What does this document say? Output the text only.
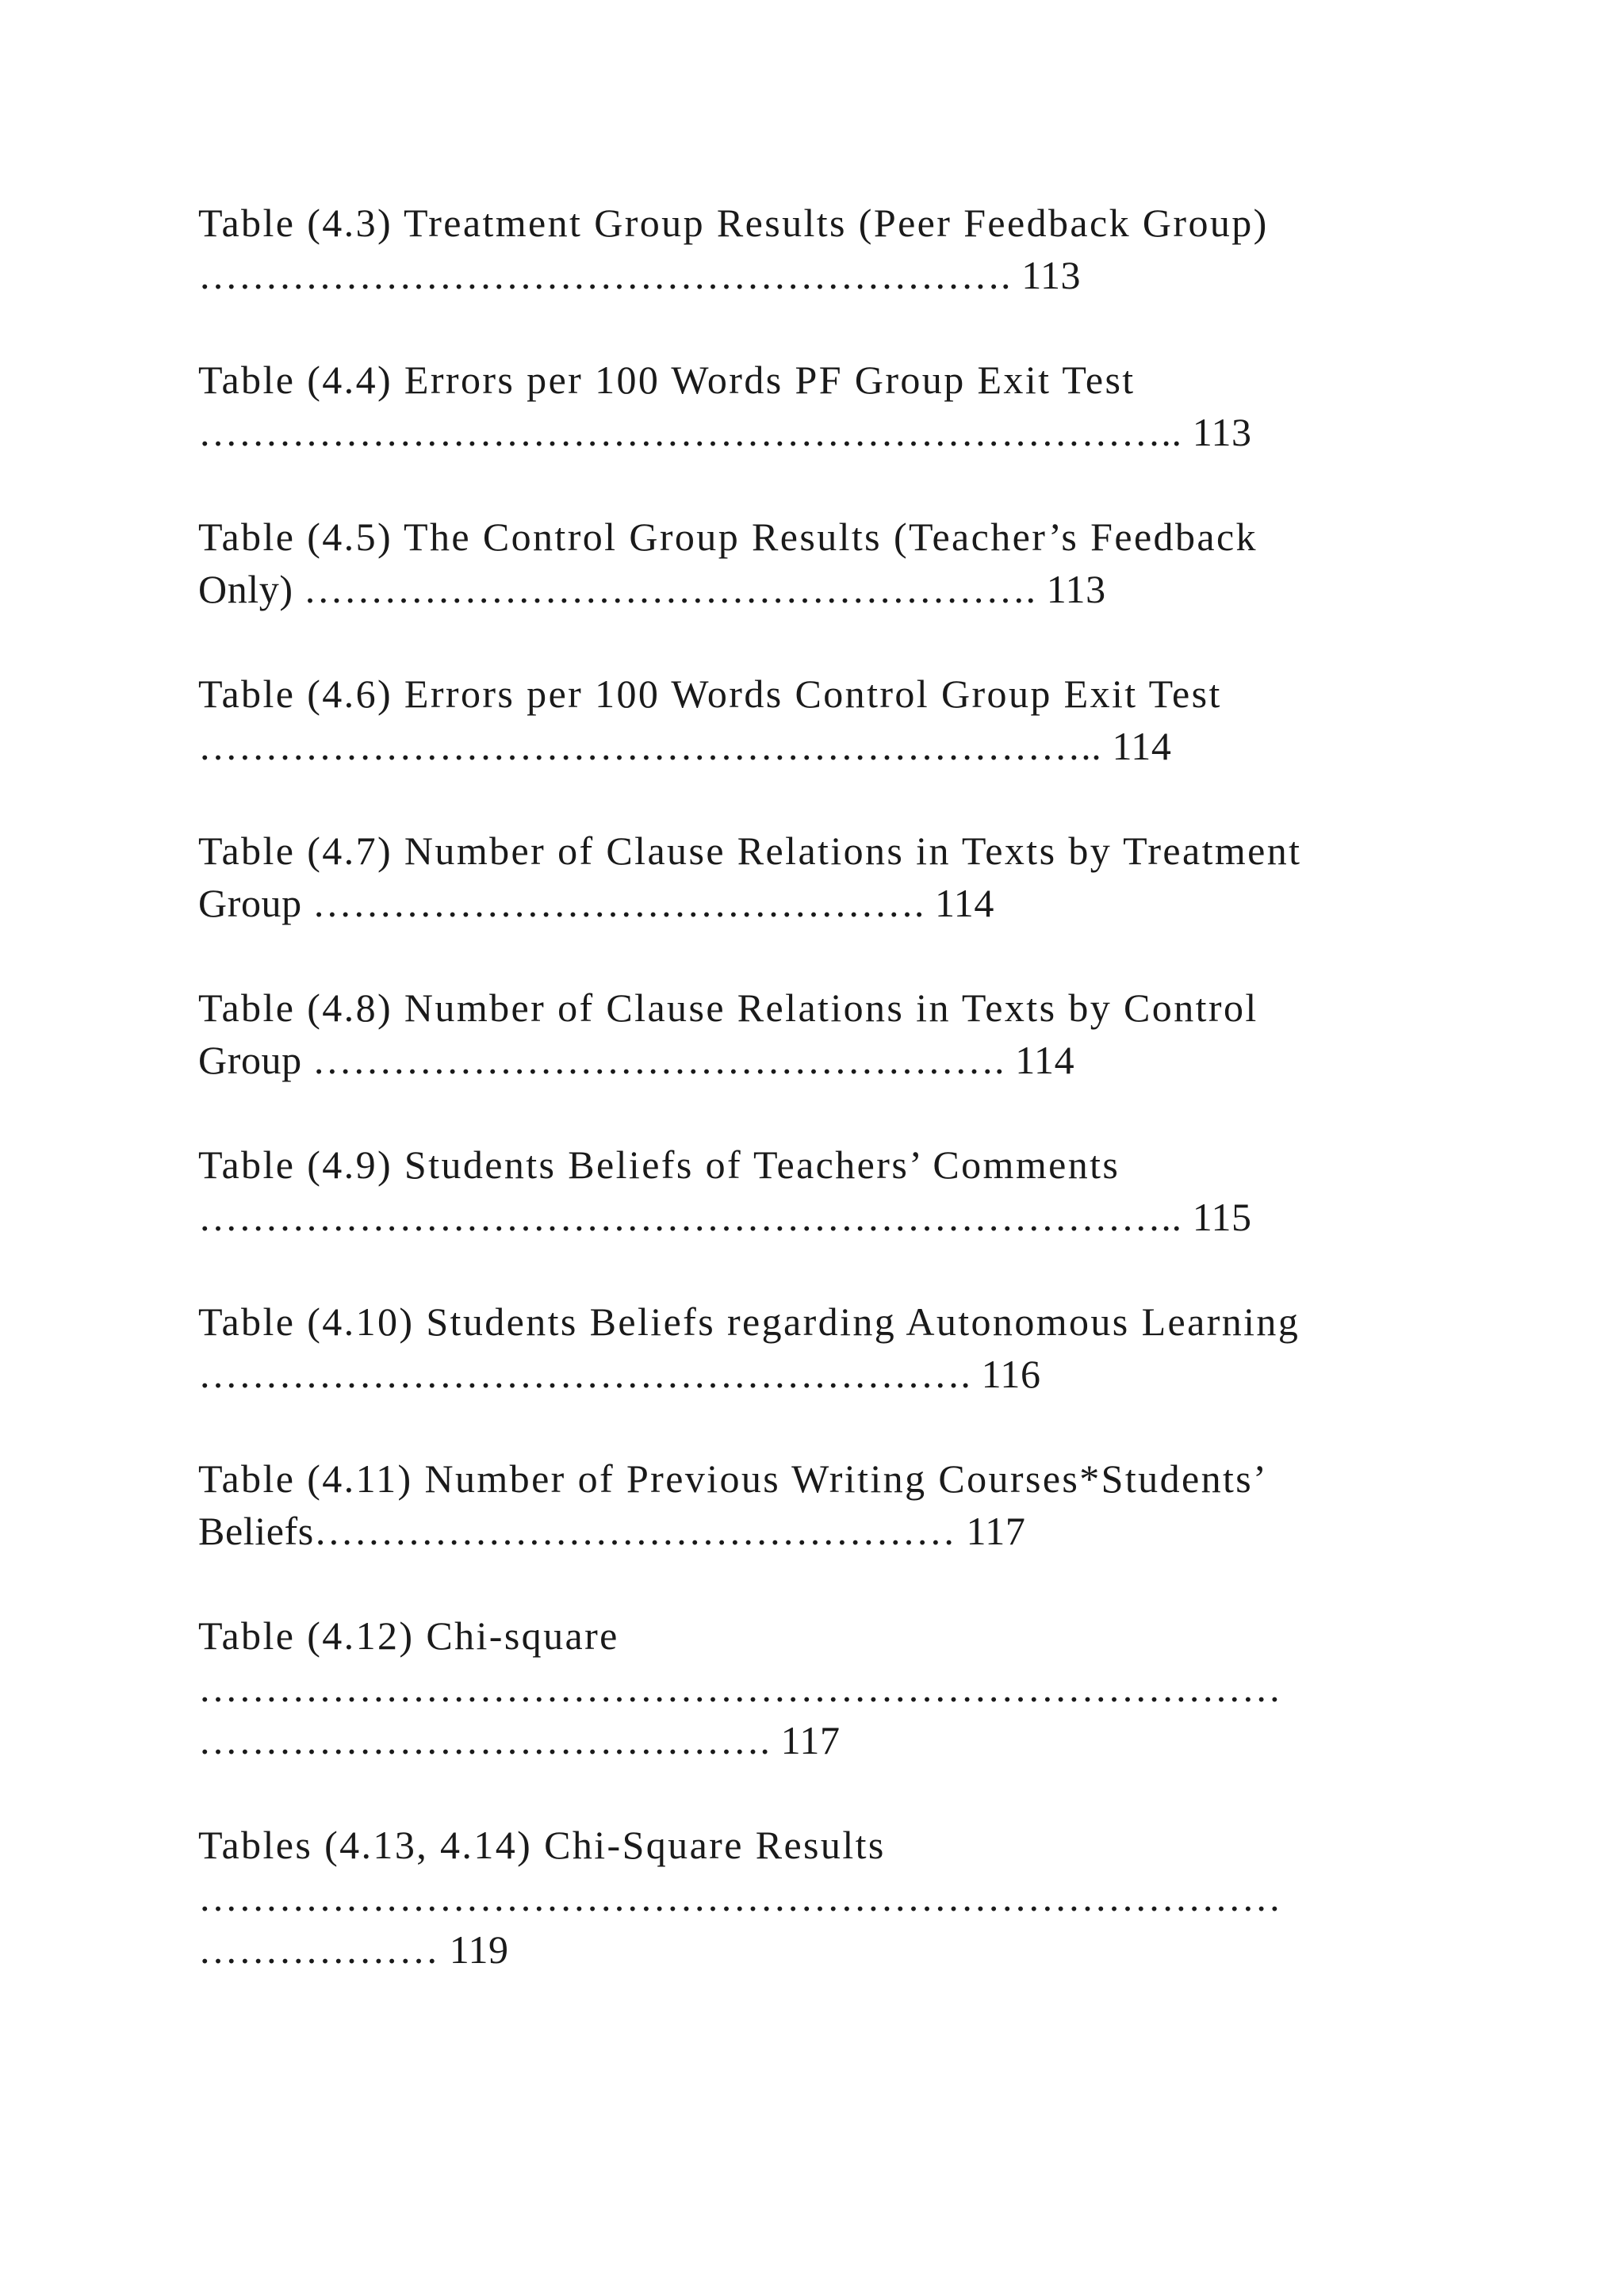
Table (4.3) Treatment Group Results (Peer Feedback Group)
……………………………………………………. 113
Table (4.4) Errors per 100 Words PF Group Exit Test
……………………………………………………………….. 113
Table (4.5) The Control Group Results (Teacher’s Feedback
Only) ………………………………………………. 113
Table (4.6) Errors per 100 Words Control Group Exit Test
………………………………………………………….. 114
Table (4.7) Number of Clause Relations in Texts by Treatment
Group ………………………………………. 114
Table (4.8) Number of Clause Relations in Texts by Control
Group ……………………………………………. 114
Table (4.9) Students Beliefs of Teachers’ Comments
……………………………………………………………….. 115
Table (4.10) Students Beliefs regarding Autonomous Learning
…………………………………………………. 116
Table (4.11) Number of Previous Writing Courses*Students’
Beliefs………………………………………… 117
Table (4.12) Chi-square
………………………………………………………………………
……………………………………. 117
Tables (4.13, 4.14) Chi-Square Results
………………………………………………………………………
……………… 119
